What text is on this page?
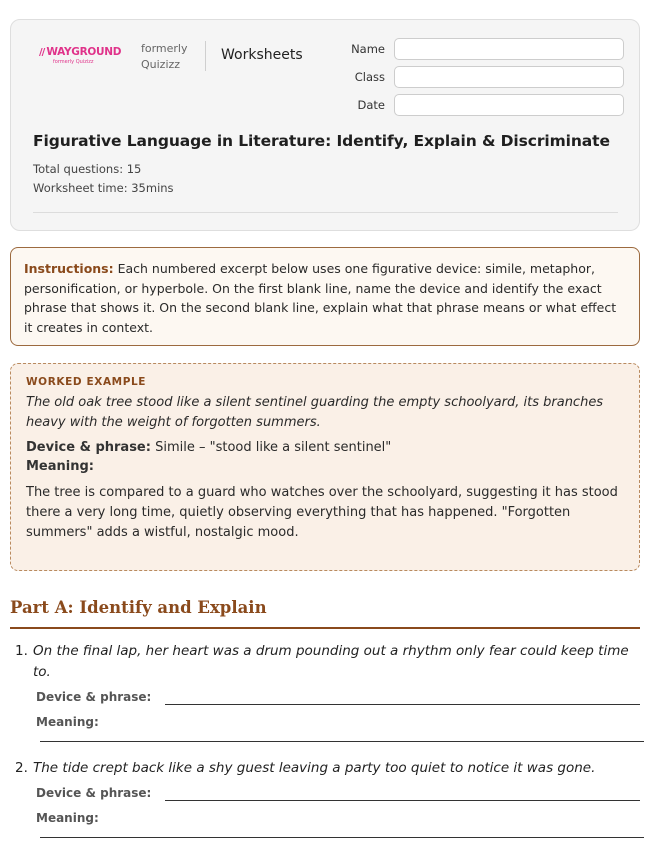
// WAYGROUND
formerly Quizizz
formerly
Quizizz
Worksheets	Name
Class
Date
Figurative Language in Literature: Identify, Explain & Discriminate
Total questions: 15
Worksheet time: 35mins
Instructions: Each numbered excerpt below uses one figurative device: simile, metaphor, personification, or hyperbole. On the first blank line, name the device and identify the exact phrase that shows it. On the second blank line, explain what that phrase means or what effect it creates in context.
WORKED EXAMPLE
The old oak tree stood like a silent sentinel guarding the empty schoolyard, its branches heavy with the weight of forgotten summers.
Device & phrase: Simile – "stood like a silent sentinel"
Meaning:
The tree is compared to a guard who watches over the schoolyard, suggesting it has stood there a very long time, quietly observing everything that has happened. "Forgotten summers" adds a wistful, nostalgic mood.
Part A: Identify and Explain
1. On the final lap, her heart was a drum pounding out a rhythm only fear could keep time to.
Device & phrase:
Meaning:
2. The tide crept back like a shy guest leaving a party too quiet to notice it was gone.
Device & phrase:
Meaning:
